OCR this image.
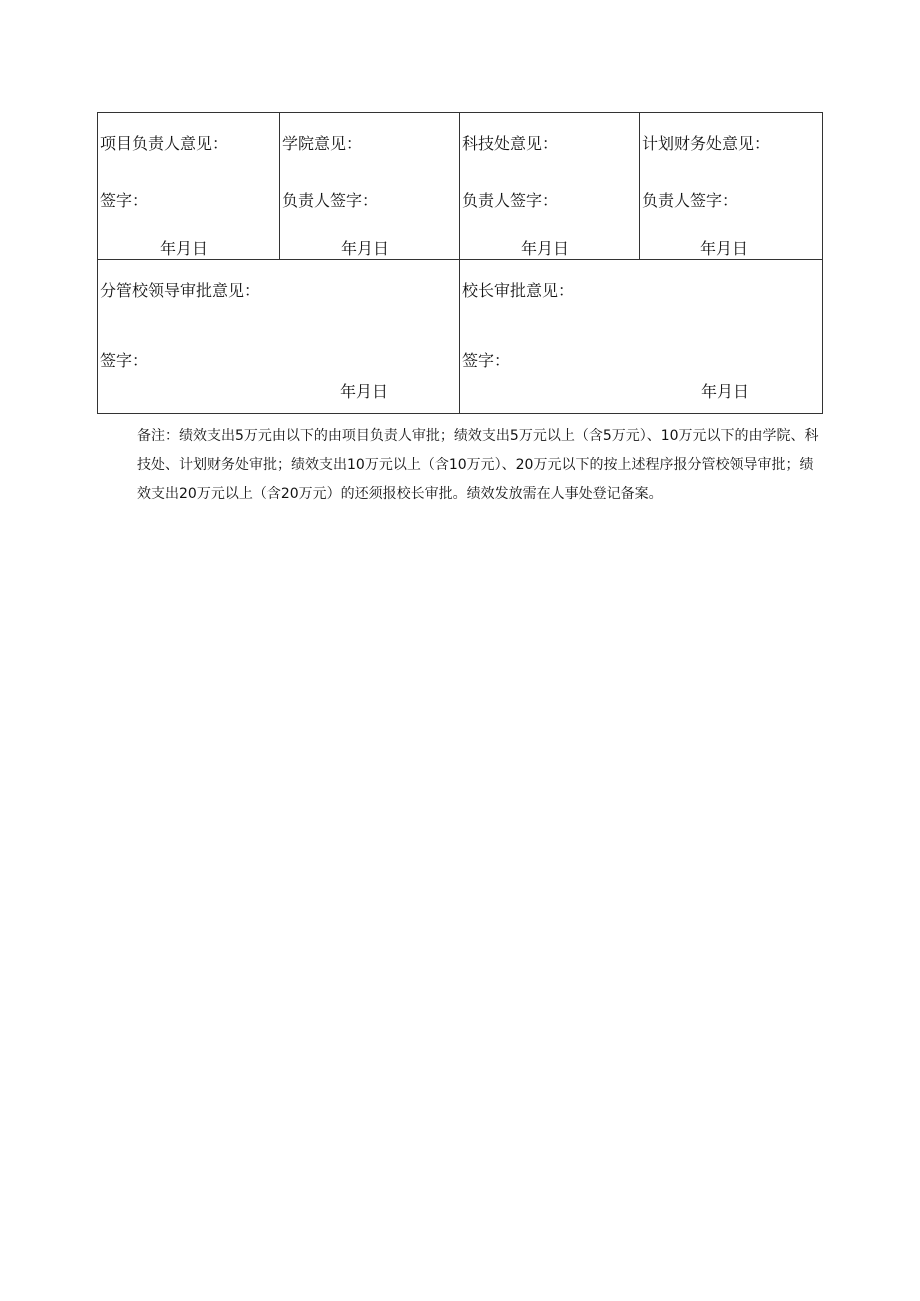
项目负责人意见：
签字：
年月日
学院意见：
负责人签字：
年月日
科技处意见：
负责人签字：
年月日
计划财务处意见：
负责人签字：
年月日
分管校领导审批意见：
签字：
年月日
校长审批意见：
签字：
年月日
备注：绩效支出5万元由以下的由项目负责人审批；绩效支出5万元以上（含5万元）、10万元以下的由学院、科技处、计划财务处审批；绩效支出10万元以上（含10万元）、20万元以下的按上述程序报分管校领导审批；绩效支出20万元以上（含20万元）的还须报校长审批。绩效发放需在人事处登记备案。
